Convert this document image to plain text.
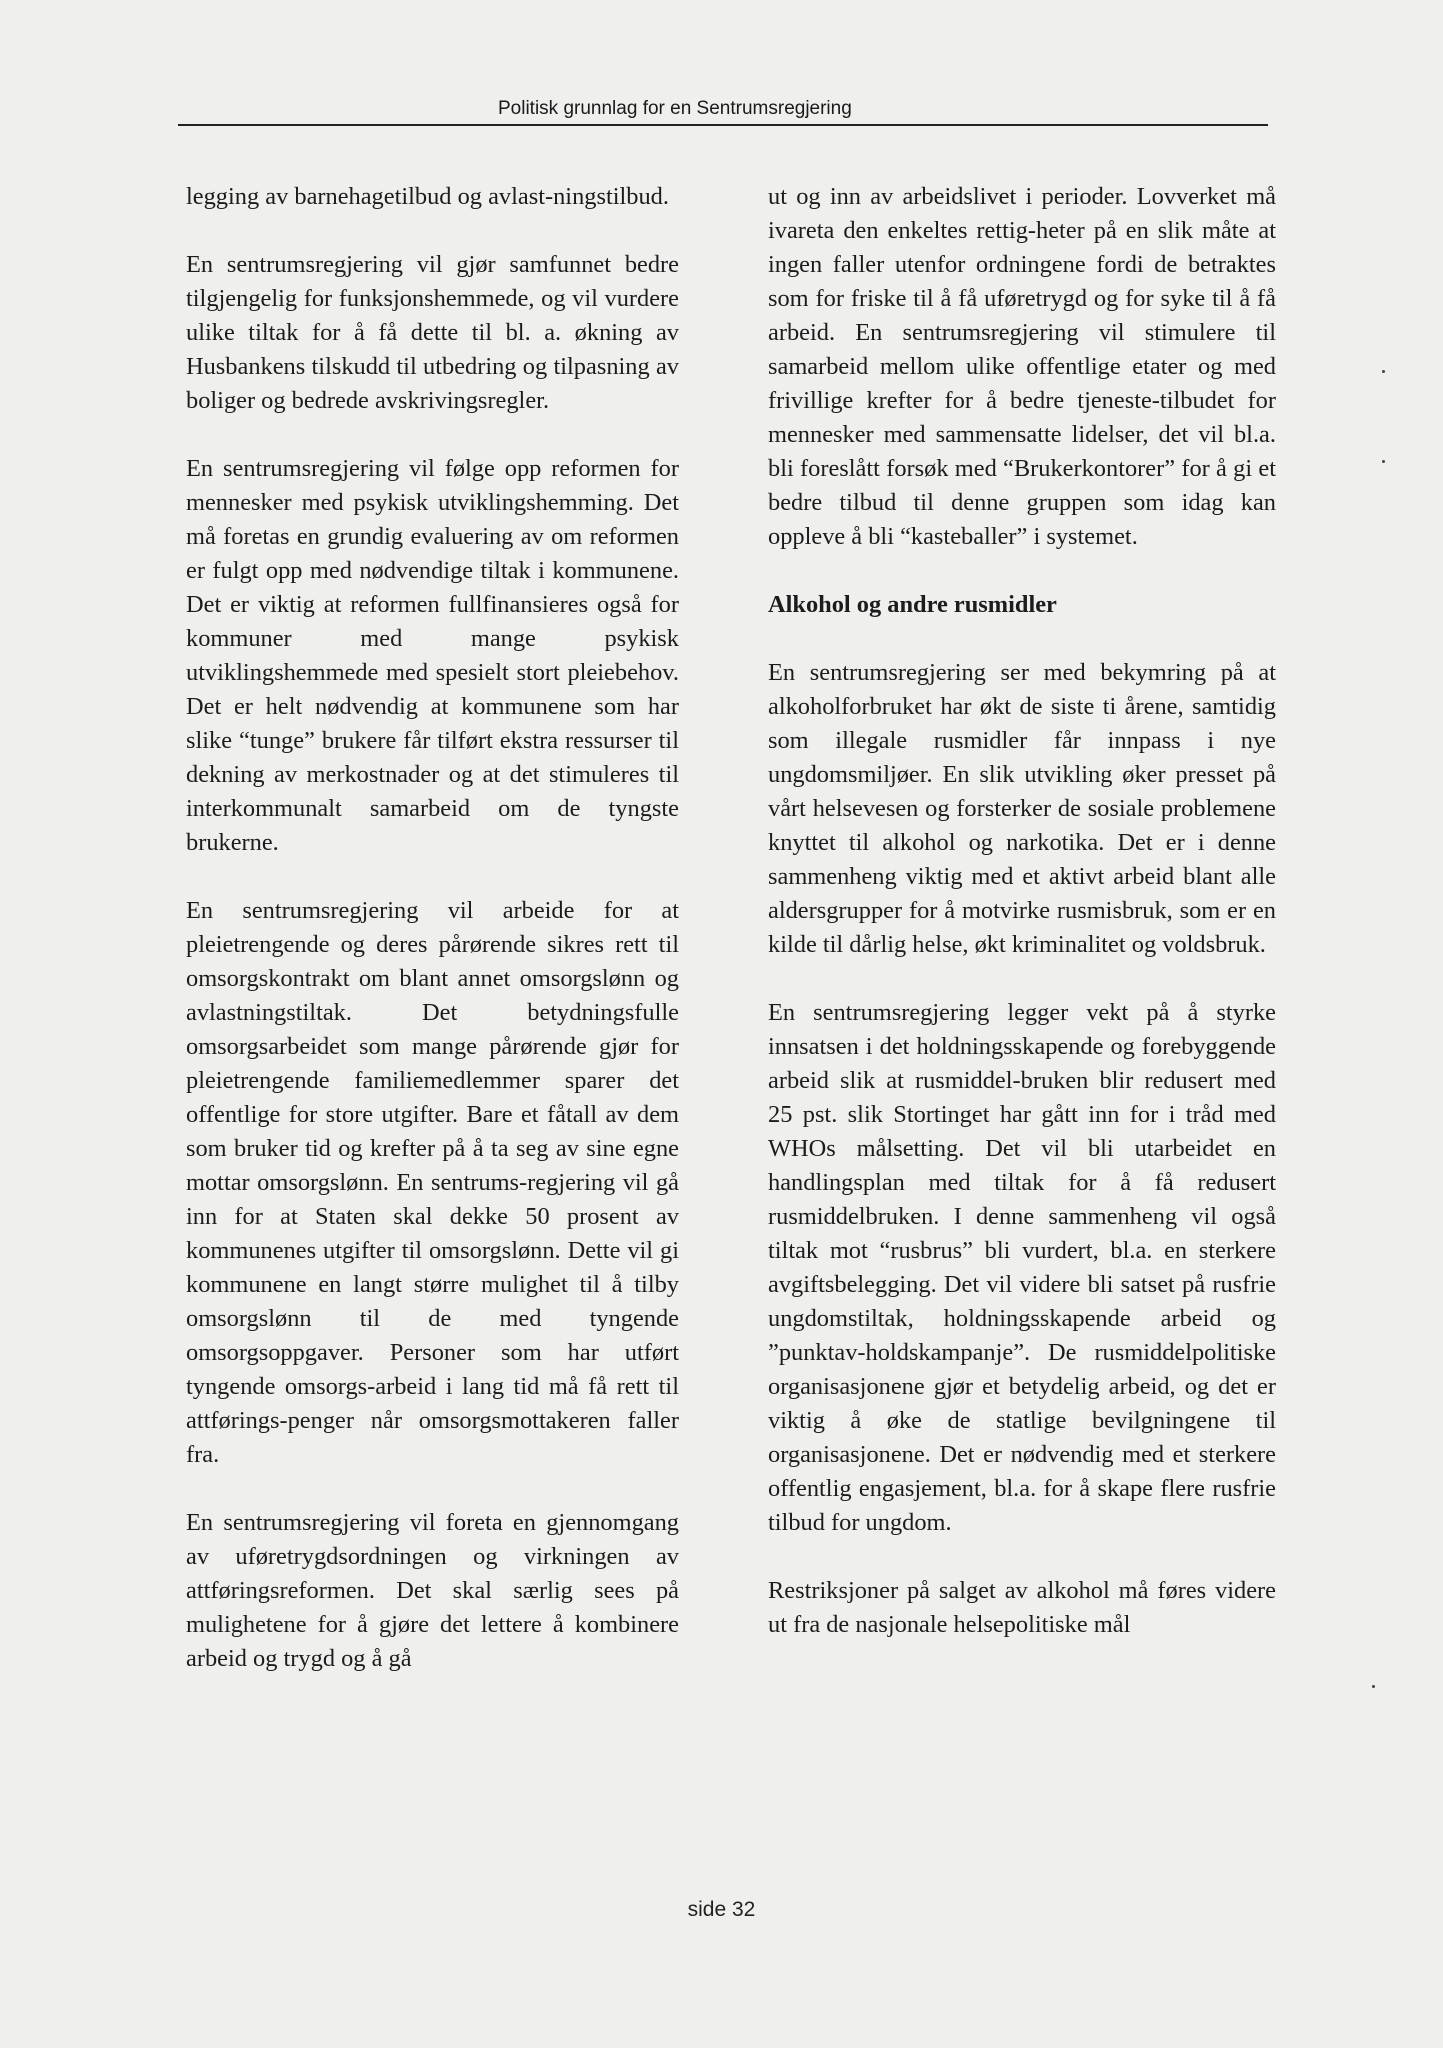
Politisk grunnlag for en Sentrumsregjering

legging av barnehagetilbud og avlast-ningstilbud.

En sentrumsregjering vil gjør samfunnet bedre tilgjengelig for funksjonshemmede, og vil vurdere ulike tiltak for å få dette til bl. a. økning av Husbankens tilskudd til utbedring og tilpasning av boliger og bedrede avskrivingsregler.

En sentrumsregjering vil følge opp reformen for mennesker med psykisk utviklingshemming. Det må foretas en grundig evaluering av om reformen er fulgt opp med nødvendige tiltak i kommunene. Det er viktig at reformen fullfinansieres også for kommuner med mange psykisk utviklingshemmede med spesielt stort pleiebehov. Det er helt nødvendig at kommunene som har slike “tunge” brukere får tilført ekstra ressurser til dekning av merkostnader og at det stimuleres til interkommunalt samarbeid om de tyngste brukerne.

En sentrumsregjering vil arbeide for at pleietrengende og deres pårørende sikres rett til omsorgskontrakt om blant annet omsorgslønn og avlastningstiltak. Det betydningsfulle omsorgsarbeidet som mange pårørende gjør for pleietrengende familiemedlemmer sparer det offentlige for store utgifter. Bare et fåtall av dem som bruker tid og krefter på å ta seg av sine egne mottar omsorgslønn. En sentrums-regjering vil gå inn for at Staten skal dekke 50 prosent av kommunenes utgifter til omsorgslønn. Dette vil gi kommunene en langt større mulighet til å tilby omsorgslønn til de med tyngende omsorgsoppgaver. Personer som har utført tyngende omsorgs-arbeid i lang tid må få rett til attførings-penger når omsorgsmottakeren faller fra.

En sentrumsregjering vil foreta en gjennomgang av uføretrygdsordningen og virkningen av attføringsreformen. Det skal særlig sees på mulighetene for å gjøre det lettere å kombinere arbeid og trygd og å gå

ut og inn av arbeidslivet i perioder. Lovverket må ivareta den enkeltes rettig-heter på en slik måte at ingen faller utenfor ordningene fordi de betraktes som for friske til å få uføretrygd og for syke til å få arbeid. En sentrumsregjering vil stimulere til samarbeid mellom ulike offentlige etater og med frivillige krefter for å bedre tjeneste-tilbudet for mennesker med sammensatte lidelser, det vil bl.a. bli foreslått forsøk med “Brukerkontorer” for å gi et bedre tilbud til denne gruppen som idag kan oppleve å bli “kasteballer” i systemet.

Alkohol og andre rusmidler

En sentrumsregjering ser med bekymring på at alkoholforbruket har økt de siste ti årene, samtidig som illegale rusmidler får innpass i nye ungdomsmiljøer. En slik utvikling øker presset på vårt helsevesen og forsterker de sosiale problemene knyttet til alkohol og narkotika. Det er i denne sammenheng viktig med et aktivt arbeid blant alle aldersgrupper for å motvirke rusmisbruk, som er en kilde til dårlig helse, økt kriminalitet og voldsbruk.

En sentrumsregjering legger vekt på å styrke innsatsen i det holdningsskapende og forebyggende arbeid slik at rusmiddel-bruken blir redusert med 25 pst. slik Stortinget har gått inn for i tråd med WHOs målsetting. Det vil bli utarbeidet en handlingsplan med tiltak for å få redusert rusmiddelbruken. I denne sammenheng vil også tiltak mot “rusbrus” bli vurdert, bl.a. en sterkere avgiftsbelegging. Det vil videre bli satset på rusfrie ungdomstiltak, holdningsskapende arbeid og ”punktav-holdskampanje”. De rusmiddelpolitiske organisasjonene gjør et betydelig arbeid, og det er viktig å øke de statlige bevilgningene til organisasjonene. Det er nødvendig med et sterkere offentlig engasjement, bl.a. for å skape flere rusfrie tilbud for ungdom.

Restriksjoner på salget av alkohol må føres videre ut fra de nasjonale helsepolitiske mål

side 32
